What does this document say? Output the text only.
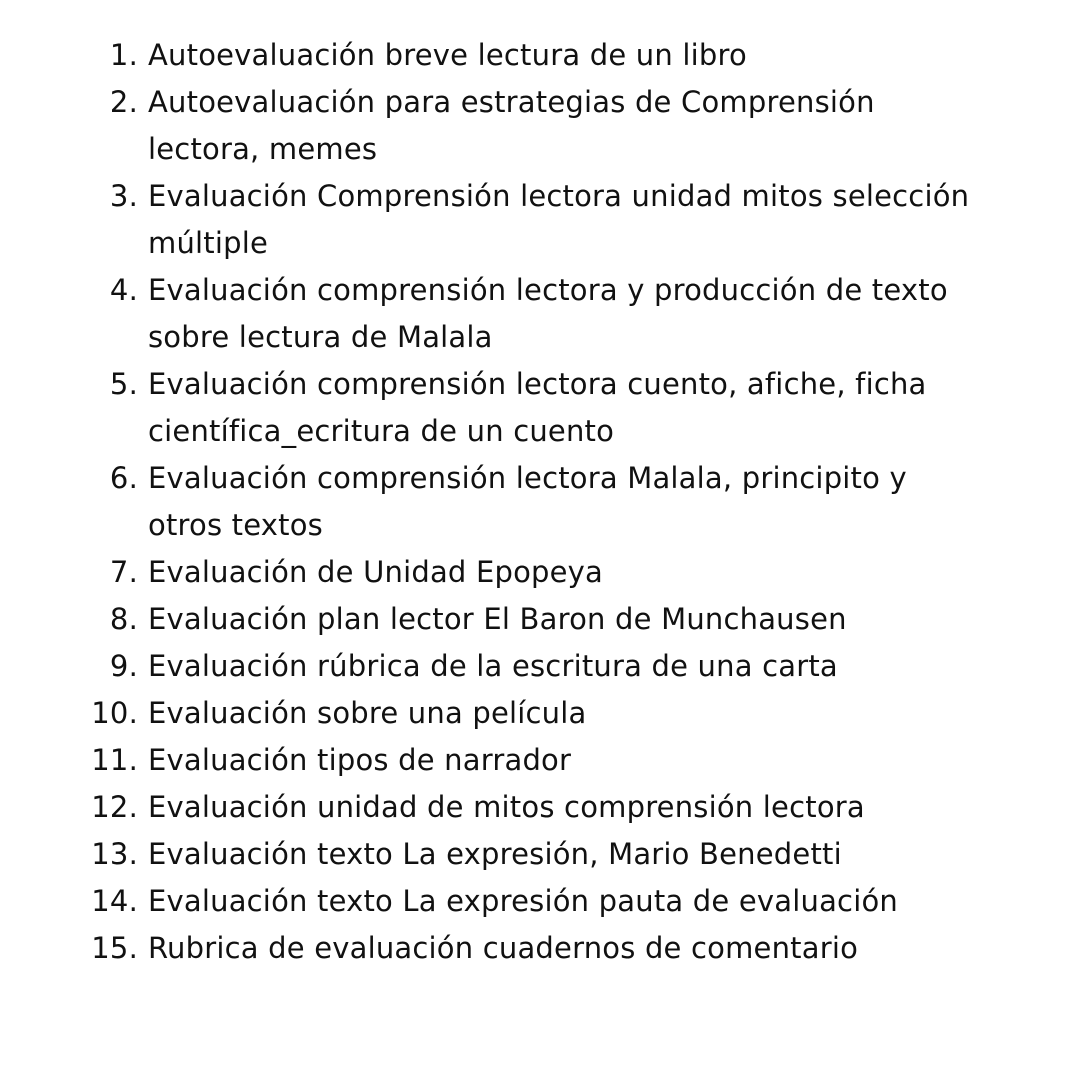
1. Autoevaluación breve lectura de un libro
2. Autoevaluación para estrategias de Comprensión
lectora, memes
3. Evaluación Comprensión lectora unidad mitos selección
múltiple
4. Evaluación comprensión lectora y producción de texto
sobre lectura de Malala
5. Evaluación comprensión lectora cuento, afiche, ficha
científica_ecritura de un cuento
6. Evaluación comprensión lectora Malala, principito y
otros textos
7. Evaluación de Unidad Epopeya
8. Evaluación plan lector El Baron de Munchausen
9. Evaluación rúbrica de la escritura de una carta
10. Evaluación sobre una película
11. Evaluación tipos de narrador
12. Evaluación unidad de mitos comprensión lectora
13. Evaluación texto La expresión, Mario Benedetti
14. Evaluación texto La expresión pauta de evaluación
15. Rubrica de evaluación cuadernos de comentario
